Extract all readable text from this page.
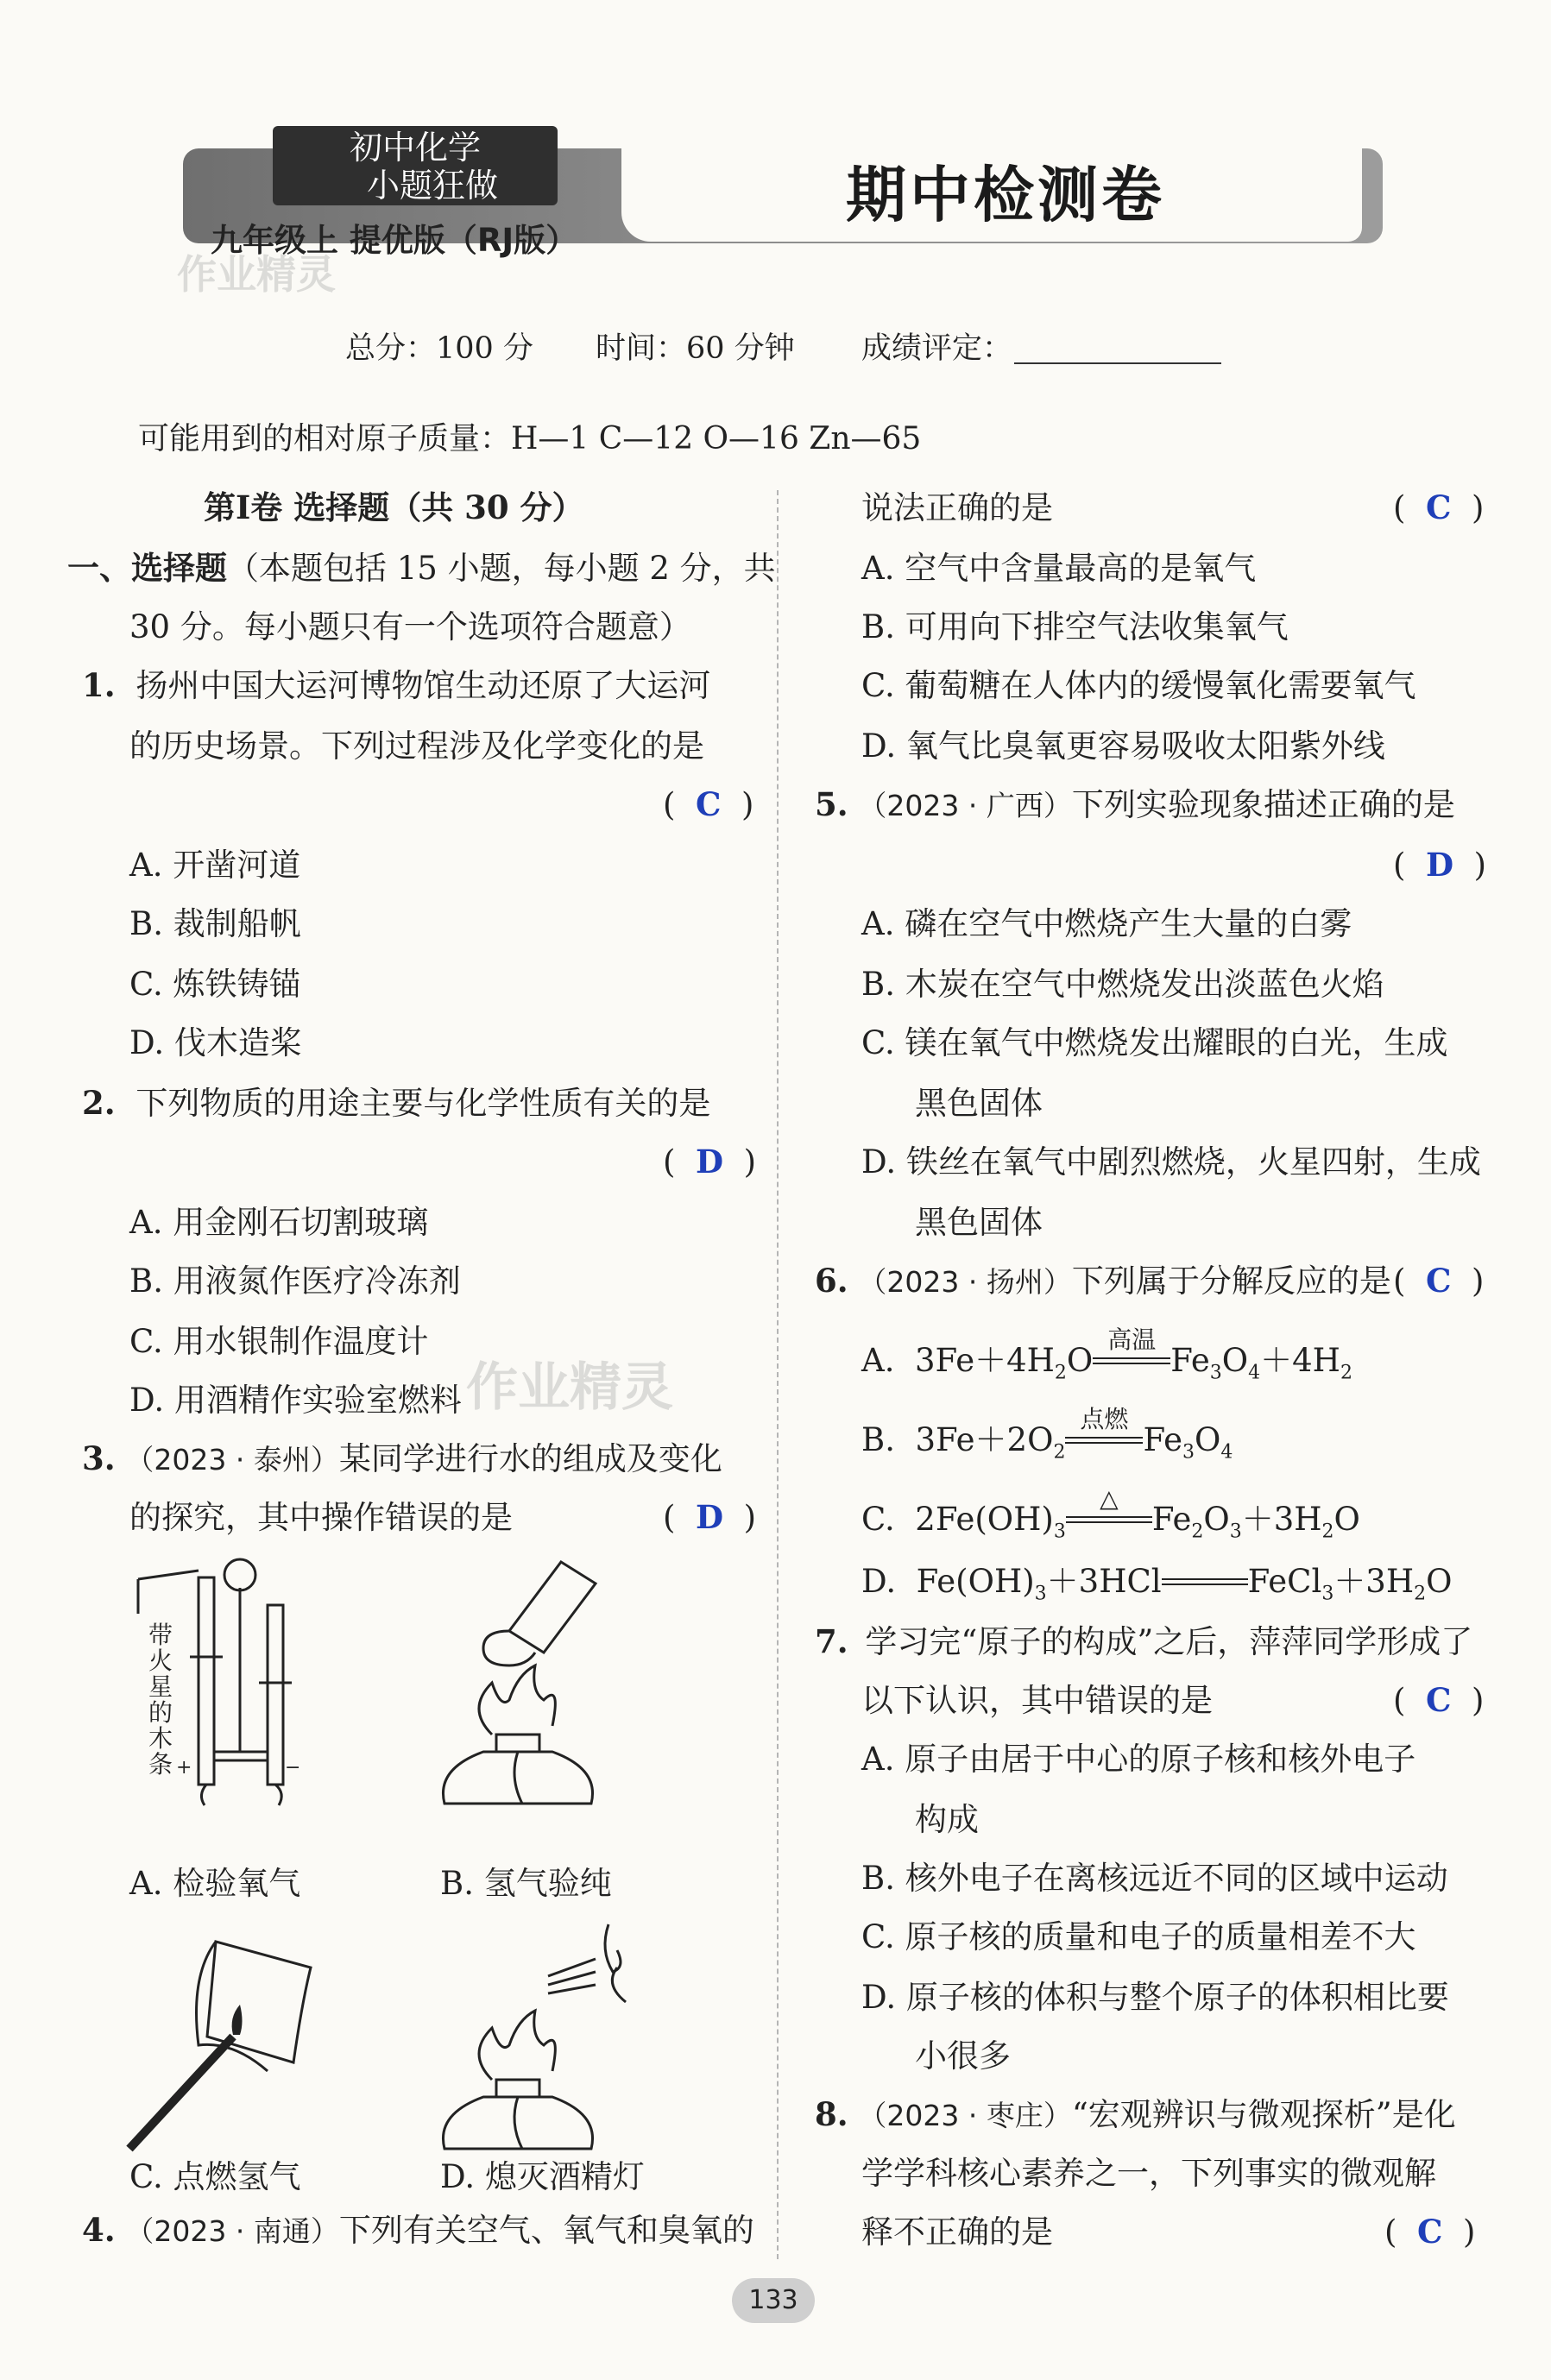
初中化学
小题狂做
九年级上 提优版（RJ版）
期中检测卷
作业精灵
总分：100 分 时间：60 分钟 成绩评定：
可能用到的相对原子质量：H—1 C—12 O—16 Zn—65
第Ⅰ卷 选择题（共 30 分）
一、选择题（本题包括 15 小题，每小题 2 分，共
30 分。每小题只有一个选项符合题意）
1. 扬州中国大运河博物馆生动还原了大运河
的历史场景。下列过程涉及化学变化的是
(  C  )
A. 开凿河道
B. 裁制船帆
C. 炼铁铸锚
D. 伐木造桨
2. 下列物质的用途主要与化学性质有关的是
(  D  )
A. 用金刚石切割玻璃
B. 用液氮作医疗冷冻剂
C. 用水银制作温度计
D. 用酒精作实验室燃料 作业精灵
3. （2023 · 泰州）某同学进行水的组成及变化
的探究，其中操作错误的是	(  D  )
+	−
带火星的木条
A. 检验氧气	B. 氢气验纯
C. 点燃氢气	D. 熄灭酒精灯
4. （2023 · 南通）下列有关空气、氧气和臭氧的
说法正确的是	(  C  )
A. 空气中含量最高的是氧气
B. 可用向下排空气法收集氧气
C. 葡萄糖在人体内的缓慢氧化需要氧气
D. 氧气比臭氧更容易吸收太阳紫外线
5. （2023 · 广西）下列实验现象描述正确的是
(  D  )
A. 磷在空气中燃烧产生大量的白雾
B. 木炭在空气中燃烧发出淡蓝色火焰
C. 镁在氧气中燃烧发出耀眼的白光，生成
黑色固体
D. 铁丝在氧气中剧烈燃烧，火星四射，生成
黑色固体
6. （2023 · 扬州）下列属于分解反应的是 (  C  )
A.  $3Fe+4H_2O$
高温
$Fe_3O_4+4H_2$
B.  $3Fe+2O_2$
点燃
$Fe_3O_4$
C.  $2Fe(OH)_3$
△
$Fe_2O_3+3H_2O$
D.  $Fe(OH)_3+3HCl$	$FeCl_3+3H_2O$
7. 学习完“原子的构成”之后，萍萍同学形成了
以下认识，其中错误的是	(  C  )
A. 原子由居于中心的原子核和核外电子
构成
B. 核外电子在离核远近不同的区域中运动
C. 原子核的质量和电子的质量相差不大
D. 原子核的体积与整个原子的体积相比要
小很多
8. （2023 · 枣庄）“宏观辨识与微观探析”是化
学学科核心素养之一，下列事实的微观解
释不正确的是	(  C  )
133
